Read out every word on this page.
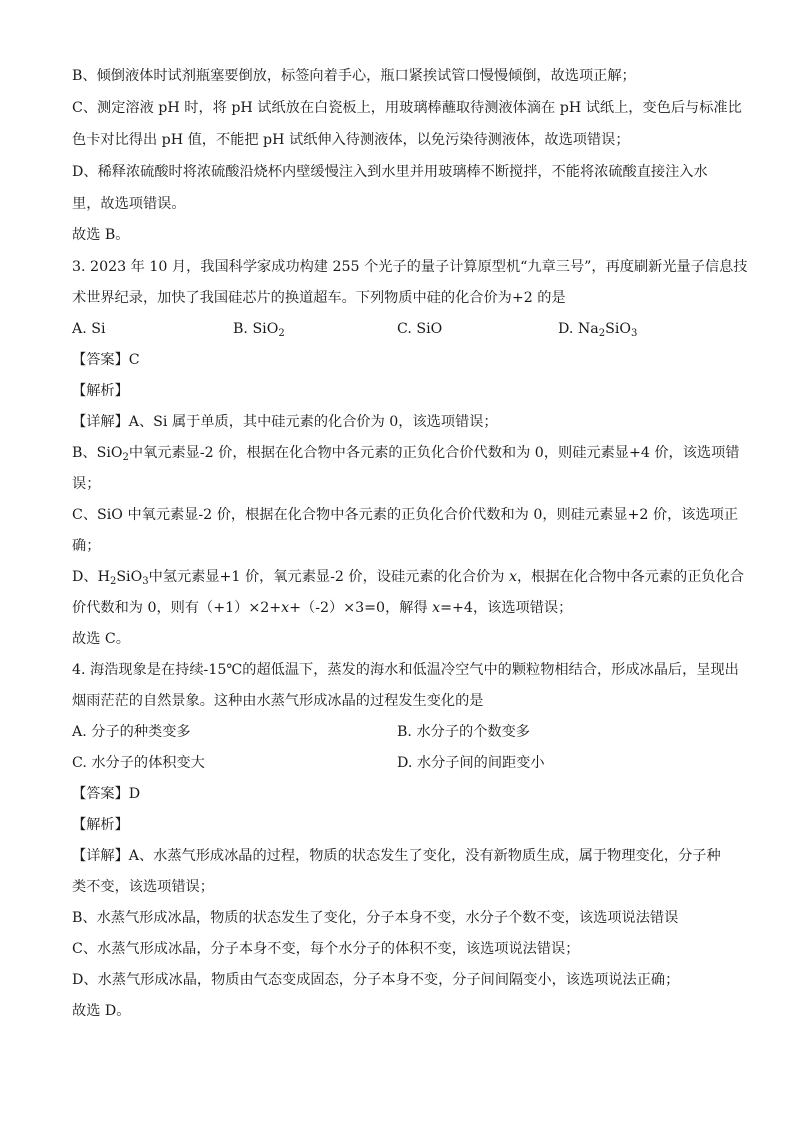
B、倾倒液体时试剂瓶塞要倒放，标签向着手心，瓶口紧挨试管口慢慢倾倒，故选项正解；
C、测定溶液 pH 时，将 pH 试纸放在白瓷板上，用玻璃棒蘸取待测液体滴在 pH 试纸上，变色后与标准比
色卡对比得出 pH 值，不能把 pH 试纸伸入待测液体，以免污染待测液体，故选项错误；
D、稀释浓硫酸时将浓硫酸沿烧杯内壁缓慢注入到水里并用玻璃棒不断搅拌，不能将浓硫酸直接注入水
里，故选项错误。
故选 B。
3. 2023 年 10 月，我国科学家成功构建 255 个光子的量子计算原型机“九章三号”，再度刷新光量子信息技
术世界纪录，加快了我国硅芯片的换道超车。下列物质中硅的化合价为+2 的是
A. Si	B. SiO$_2$	C. SiO	D. $Na_2SiO_3$
【答案】C
【解析】
【详解】A、Si 属于单质，其中硅元素的化合价为 0，该选项错误；
B、SiO$_2$中氧元素显-2 价，根据在化合物中各元素的正负化合价代数和为 0，则硅元素显+4 价，该选项错
误；
C、SiO 中氧元素显-2 价，根据在化合物中各元素的正负化合价代数和为 0，则硅元素显+2 价，该选项正
确；
D、$H_2SiO_3$中氢元素显+1 价，氧元素显-2 价，设硅元素的化合价为 x，根据在化合物中各元素的正负化合
价代数和为 0，则有（+1）×2+x+（-2）×3=0，解得 x=+4，该选项错误；
故选 C。
4. 海浩现象是在持续-15℃的超低温下，蒸发的海水和低温冷空气中的颗粒物相结合，形成冰晶后，呈现出
烟雨茫茫的自然景象。这种由水蒸气形成冰晶的过程发生变化的是
A. 分子的种类变多	B. 水分子的个数变多
C. 水分子的体积变大	D. 水分子间的间距变小
【答案】D
【解析】
【详解】A、水蒸气形成冰晶的过程，物质的状态发生了变化，没有新物质生成，属于物理变化，分子种
类不变，该选项错误；
B、水蒸气形成冰晶，物质的状态发生了变化，分子本身不变，水分子个数不变，该选项说法错误
C、水蒸气形成冰晶，分子本身不变，每个水分子的体积不变，该选项说法错误；
D、水蒸气形成冰晶，物质由气态变成固态，分子本身不变，分子间间隔变小，该选项说法正确；
故选 D。
